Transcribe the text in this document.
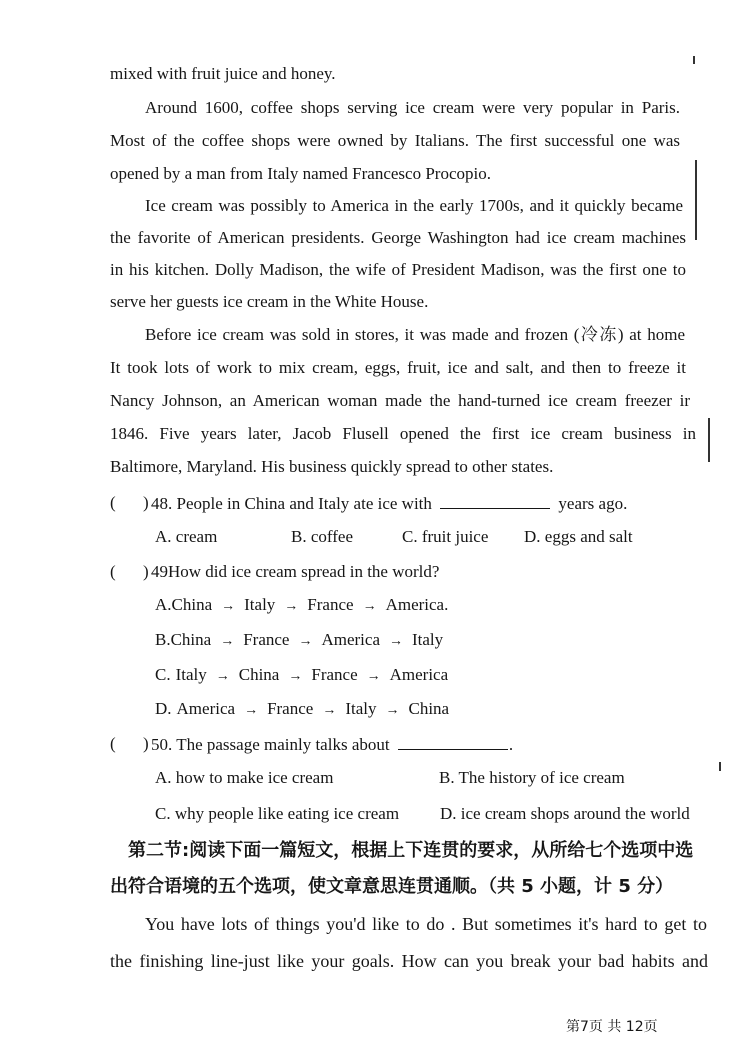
mixed with fruit juice and honey.
Around 1600, coffee shops serving ice cream were very popular in Paris.
Most of the coffee shops were owned by Italians. The first successful one was
opened by a man from Italy named Francesco Procopio.
Ice cream was possibly to America in the early 1700s, and it quickly became
the favorite of American presidents. George Washington had ice cream machines
in his kitchen. Dolly Madison, the wife of President Madison, was the first one to
serve her guests ice cream in the White House.
Before ice cream was sold in stores, it was made and frozen (冷冻) at home
It took lots of work to mix cream, eggs, fruit, ice and salt, and then to freeze it
Nancy Johnson, an American woman made the hand-turned ice cream freezer ir
1846. Five years later, Jacob Flusell opened the first ice cream business in
Baltimore, Maryland. His business quickly spread to other states.
( ) 48. People in China and Italy ate ice with	years ago.
A. cream	B. coffee	C. fruit juice D. eggs and salt
( ) 49How did ice cream spread in the world?
A.China → Italy → France → America.
B.China → France → America → Italy
C. Italy → China → France → America
D. America → France → Italy → China
( ) 50. The passage mainly talks about	.
A. how to make ice cream	B. The history of ice cream
C. why people like eating ice cream D. ice cream shops around the world
第二节:阅读下面一篇短文，根据上下连贯的要求，从所给七个选项中选
出符合语境的五个选项，使文章意思连贯通顺。（共 5 小题，计 5 分）
You have lots of things you'd like to do . But sometimes it's hard to get to
the finishing line-just like your goals. How can you break your bad habits and
第7页 共 12页
